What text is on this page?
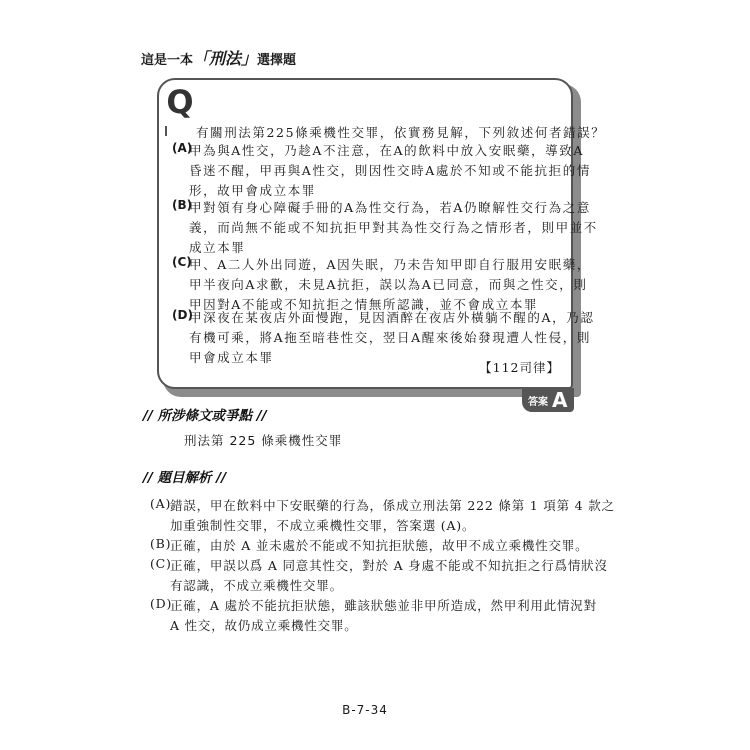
這是一本「刑法」選擇題
Q
有關刑法第225條乘機性交罪，依實務見解，下列敘述何者錯誤？
(A)
甲為與A性交，乃趁A不注意，在A的飲料中放入安眠藥，導致A
昏迷不醒，甲再與A性交，則因性交時A處於不知或不能抗拒的情
形，故甲會成立本罪
(B)
甲對領有身心障礙手冊的A為性交行為，若A仍瞭解性交行為之意
義，而尚無不能或不知抗拒甲對其為性交行為之情形者，則甲並不
成立本罪
(C)
甲、A二人外出同遊，A因失眠，乃未告知甲即自行服用安眠藥，
甲半夜向A求歡，未見A抗拒，誤以為A已同意，而與之性交，則
甲因對A不能或不知抗拒之情無所認識，並不會成立本罪
(D)
甲深夜在某夜店外面慢跑，見因酒醉在夜店外橫躺不醒的A，乃認
有機可乘，將A拖至暗巷性交，翌日A醒來後始發現遭人性侵，則
甲會成立本罪
【112司律】
答案 A
// 所涉條文或爭點 //
刑法第 225 條乘機性交罪
// 題目解析 //
(A)
錯誤，甲在飲料中下安眠藥的行為，係成立刑法第 222 條第 1 項第 4 款之
加重強制性交罪，不成立乘機性交罪，答案選 (A)。
(B)
正確，由於 A 並未處於不能或不知抗拒狀態，故甲不成立乘機性交罪。
(C)
正確，甲誤以爲 A 同意其性交，對於 A 身處不能或不知抗拒之行爲情狀沒
有認識，不成立乘機性交罪。
(D)
正確，A 處於不能抗拒狀態，雖該狀態並非甲所造成，然甲利用此情況對
A 性交，故仍成立乘機性交罪。
B-7-34
